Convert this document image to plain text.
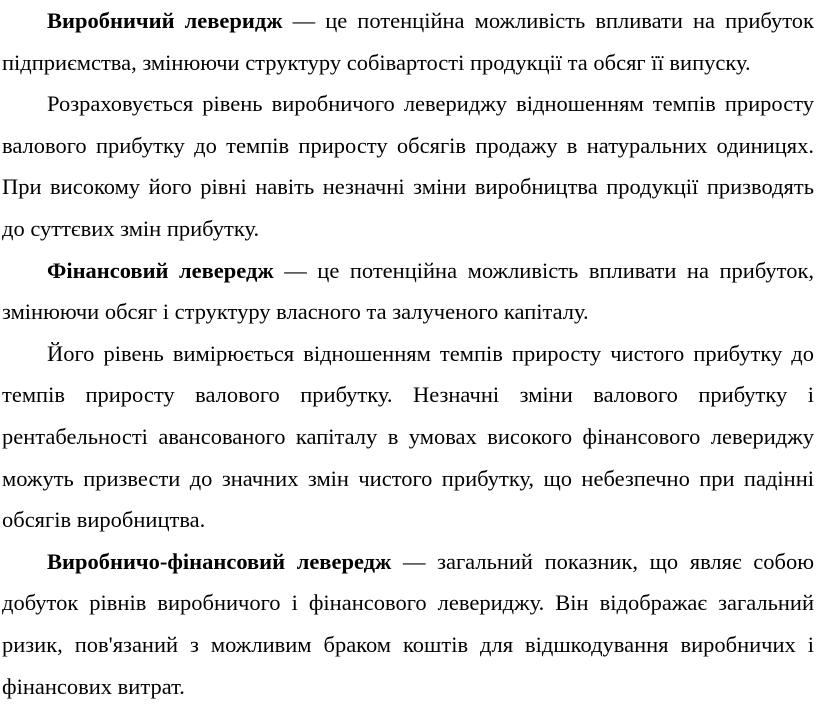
Виробничий леверидж — це потенційна можливість впливати на прибуток підприємства, змінюючи структуру собівартості продукції та обсяг її випуску.

Розраховується рівень виробничого левериджу відношенням темпів приросту валового прибутку до темпів приросту обсягів продажу в натуральних одиницях. При високому його рівні навіть незначні зміни виробництва продукції призводять до суттєвих змін прибутку.

Фінансовий левередж — це потенційна можливість впливати на прибуток, змінюючи обсяг і структуру власного та залученого капіталу.

Його рівень вимірюється відношенням темпів приросту чистого прибутку до темпів приросту валового прибутку. Незначні зміни валового прибутку і рентабельності авансованого капіталу в умовах високого фінансового левериджу можуть призвести до значних змін чистого прибутку, що небезпечно при падінні обсягів виробництва.

Виробничо-фінансовий левередж — загальний показник, що являє собою добуток рівнів виробничого і фінансового левериджу. Він відображає загальний ризик, пов'язаний з можливим браком коштів для відшкодування виробничих і фінансових витрат.
